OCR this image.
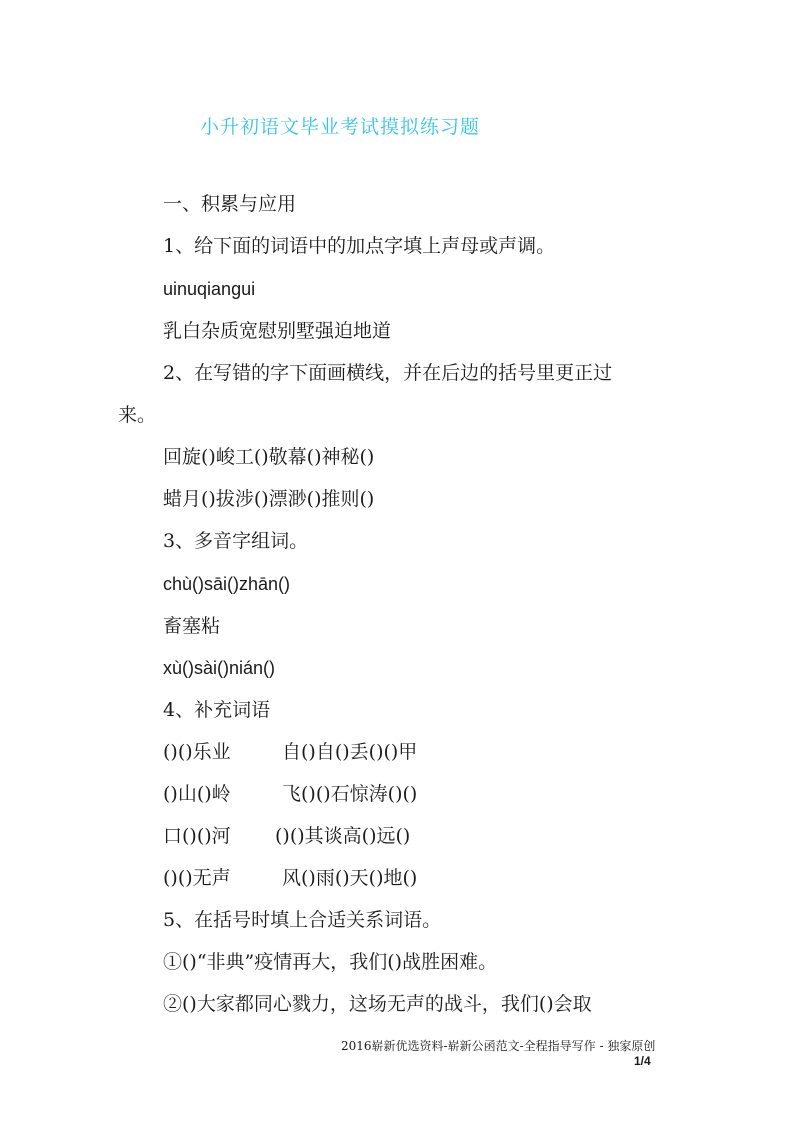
小升初语文毕业考试摸拟练习题
一、积累与应用
1、给下面的词语中的加点字填上声母或声调。
uinuqiangui
乳白杂质宽慰别墅强迫地道
2、在写错的字下面画横线，并在后边的括号里更正过
来。
回旋()峻工()敬幕()神秘()
蜡月()拔涉()漂渺()推则()
3、多音字组词。
chù()sāi()zhān()
畜塞粘
xù()sài()nián()
4、补充词语
()()乐业	自()自()丢()()甲
()山()岭	飞()()石惊涛()()
口()()河 ()()其谈高()远()
()()无声	风()雨()天()地()
5、在括号时填上合适关系词语。
①()“非典”疫情再大，我们()战胜困难。
②()大家都同心戮力，这场无声的战斗，我们()会取
2016崭新优选资料-崭新公函范文-全程指导写作 - 独家原创
1/4
